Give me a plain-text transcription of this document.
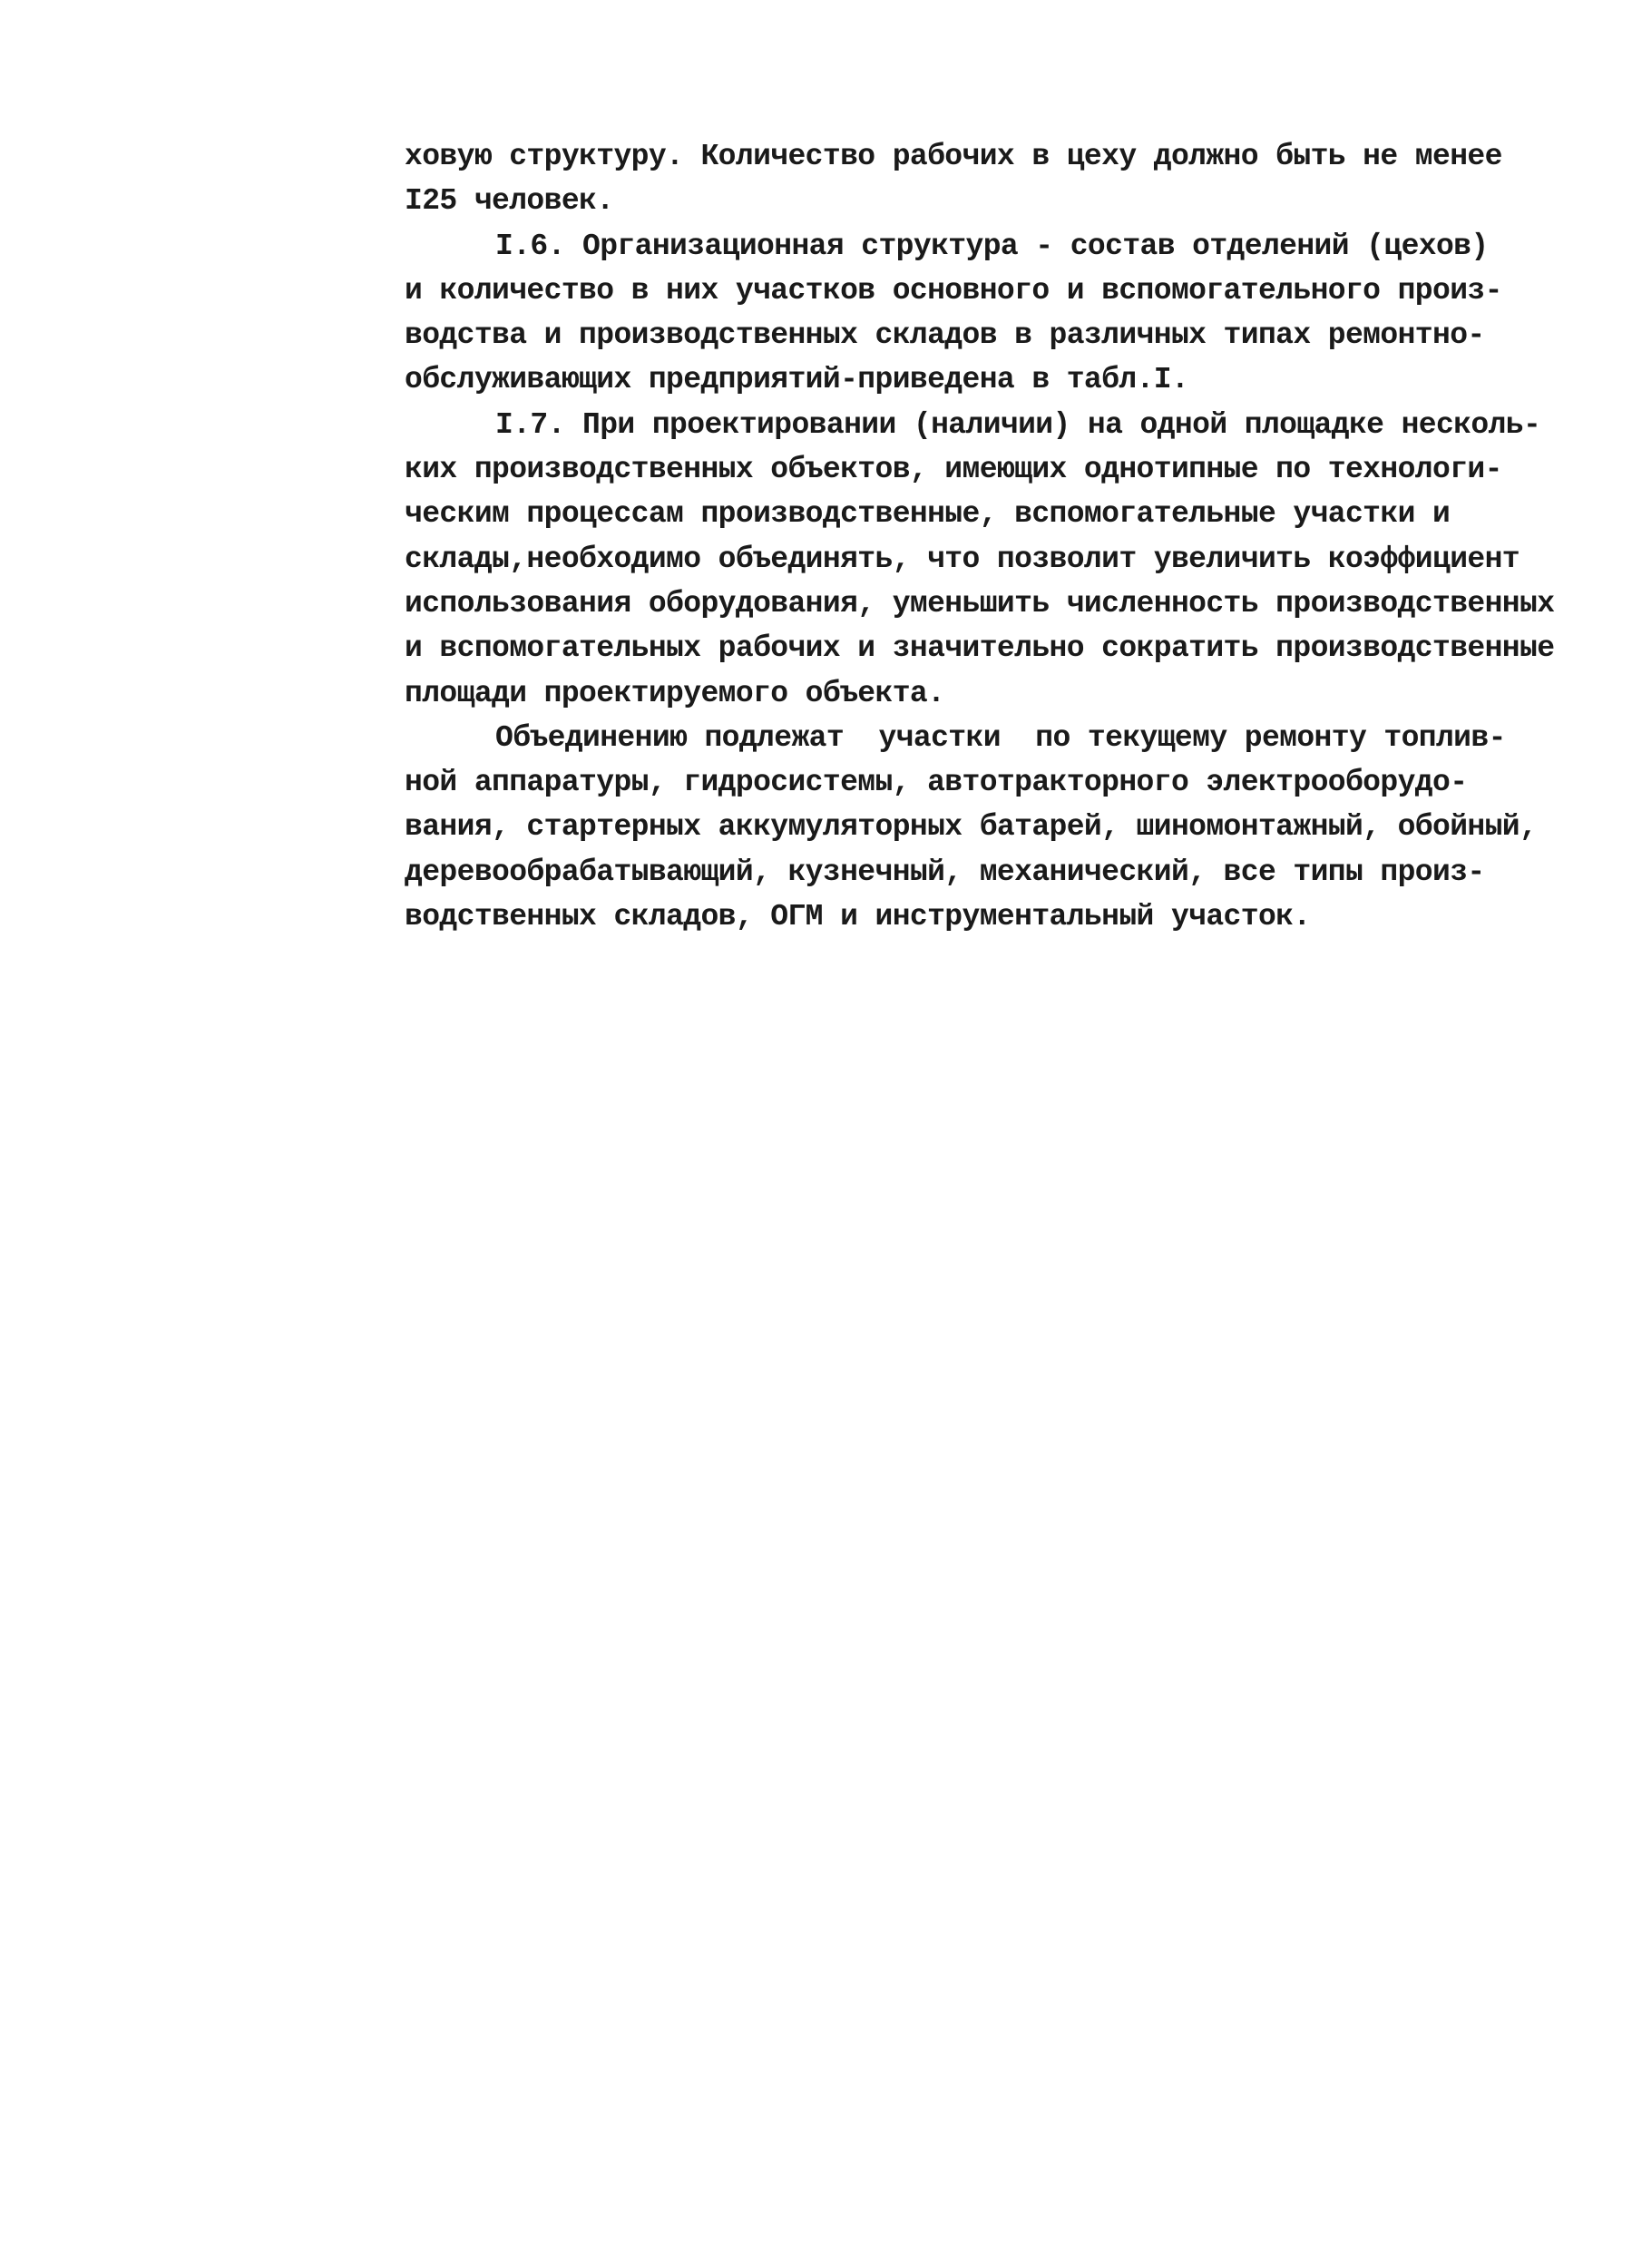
ховую структуру. Количество рабочих в цеху должно быть не менее
I25 человек.
I.6. Организационная структура - состав отделений (цехов)
и количество в них участков основного и вспомогательного произ-
водства и производственных складов в различных типах ремонтно-
обслуживающих предприятий-приведена в табл.I.
I.7. При проектировании (наличии) на одной площадке несколь-
ких производственных объектов, имеющих однотипные по технологи-
ческим процессам производственные, вспомогательные участки и
склады,необходимо объединять, что позволит увеличить коэффициент
использования оборудования, уменьшить численность производственных
и вспомогательных рабочих и значительно сократить производственные
площади проектируемого объекта.
Объединению подлежат  участки  по текущему ремонту топлив-
ной аппаратуры, гидросистемы, автотракторного электрооборудо-
вания, стартерных аккумуляторных батарей, шиномонтажный, обойный,
деревообрабатывающий, кузнечный, механический, все типы произ-
водственных складов, ОГМ и инструментальный участок.
